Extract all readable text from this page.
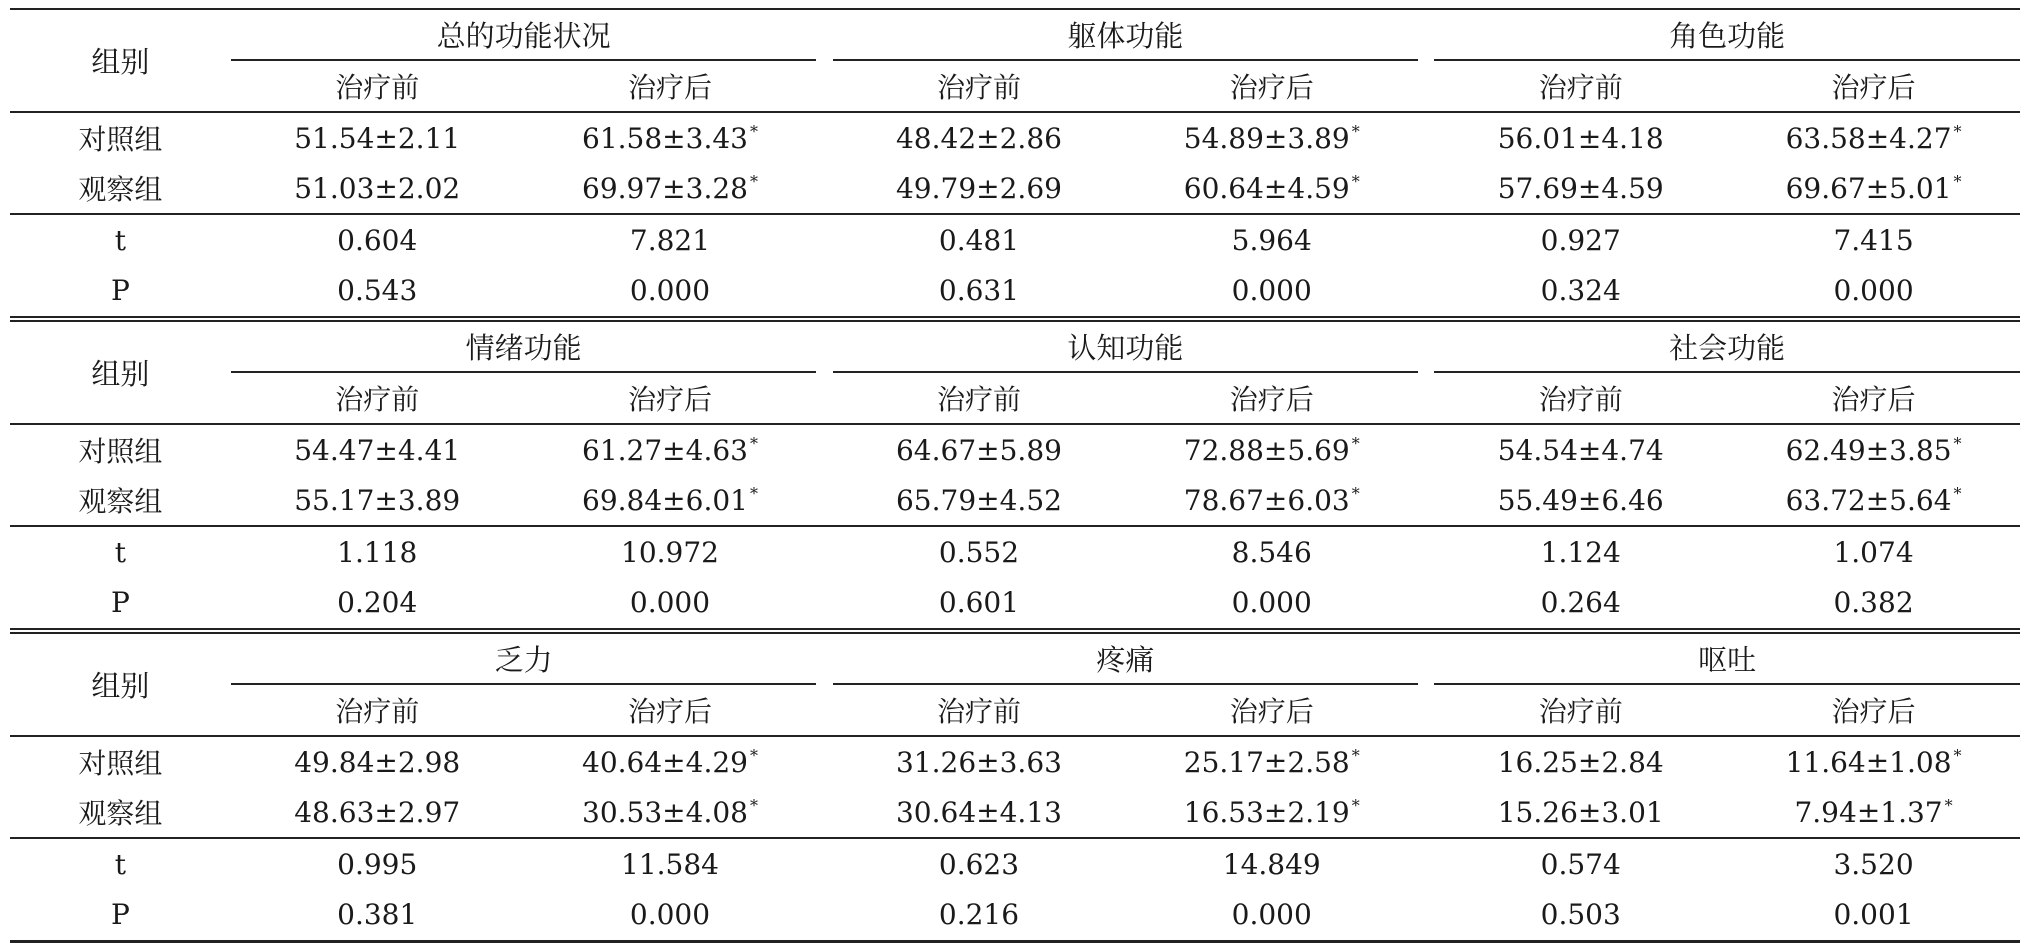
组别	总的功能状况			躯体功能			角色功能	
	治疗前	治疗后		治疗前	治疗后		治疗前	治疗后
对照组	51.54±2.11	61.58±3.43 *		48.42±2.86	54.89±3.89 *		56.01±4.18	63.58±4.27 *
观察组	51.03±2.02	69.97±3.28 *		49.79±2.69	60.64±4.59 *		57.69±4.59	69.67±5.01 *
t	0.604	7.821		0.481	5.964		0.927	7.415
P	0.543	0.000		0.631	0.000		0.324	0.000
组别	情绪功能			认知功能			社会功能	
	治疗前	治疗后		治疗前	治疗后		治疗前	治疗后
对照组	54.47±4.41	61.27±4.63 *		64.67±5.89	72.88±5.69 *		54.54±4.74	62.49±3.85 *
观察组	55.17±3.89	69.84±6.01 *		65.79±4.52	78.67±6.03 *		55.49±6.46	63.72±5.64 *
t	1.118	10.972		0.552	8.546		1.124	1.074
P	0.204	0.000		0.601	0.000		0.264	0.382
组别	乏力			疼痛			呕吐	
	治疗前	治疗后		治疗前	治疗后		治疗前	治疗后
对照组	49.84±2.98	40.64±4.29 *		31.26±3.63	25.17±2.58 *		16.25±2.84	11.64±1.08 *
观察组	48.63±2.97	30.53±4.08 *		30.64±4.13	16.53±2.19 *		15.26±3.01	7.94±1.37 *
t	0.995	11.584		0.623	14.849		0.574	3.520
P	0.381	0.000		0.216	0.000		0.503	0.001
